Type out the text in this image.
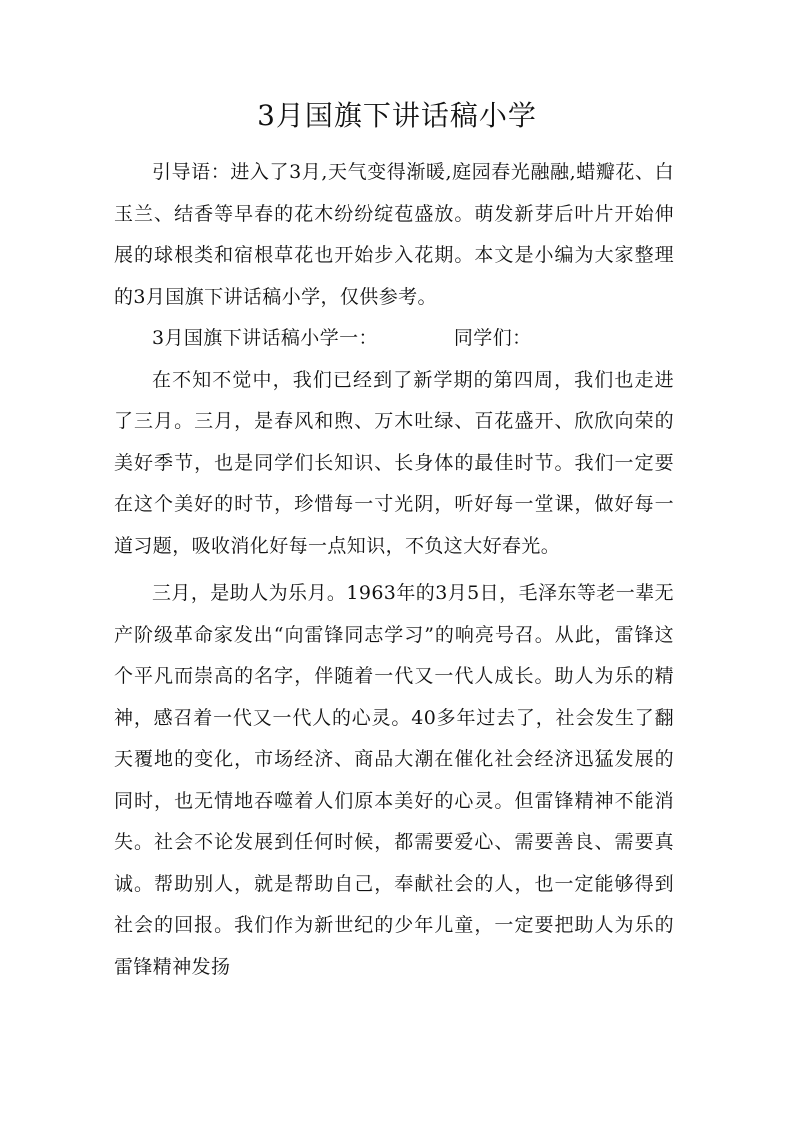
3月国旗下讲话稿小学

引导语：进入了3月,天气变得渐暖,庭园春光融融,蜡瓣花、白玉兰、结香等早春的花木纷纷绽苞盛放。萌发新芽后叶片开始伸展的球根类和宿根草花也开始步入花期。本文是小编为大家整理的3月国旗下讲话稿小学，仅供参考。

3月国旗下讲话稿小学一：	同学们：

在不知不觉中，我们已经到了新学期的第四周，我们也走进了三月。三月，是春风和煦、万木吐绿、百花盛开、欣欣向荣的美好季节，也是同学们长知识、长身体的最佳时节。我们一定要在这个美好的时节，珍惜每一寸光阴，听好每一堂课，做好每一道习题，吸收消化好每一点知识，不负这大好春光。

三月，是助人为乐月。1963年的3月5日，毛泽东等老一辈无产阶级革命家发出“向雷锋同志学习”的响亮号召。从此，雷锋这个平凡而崇高的名字，伴随着一代又一代人成长。助人为乐的精神，感召着一代又一代人的心灵。40多年过去了，社会发生了翻天覆地的变化，市场经济、商品大潮在催化社会经济迅猛发展的同时，也无情地吞噬着人们原本美好的心灵。但雷锋精神不能消失。社会不论发展到任何时候，都需要爱心、需要善良、需要真诚。帮助别人，就是帮助自己，奉献社会的人，也一定能够得到社会的回报。我们作为新世纪的少年儿童，一定要把助人为乐的雷锋精神发扬
